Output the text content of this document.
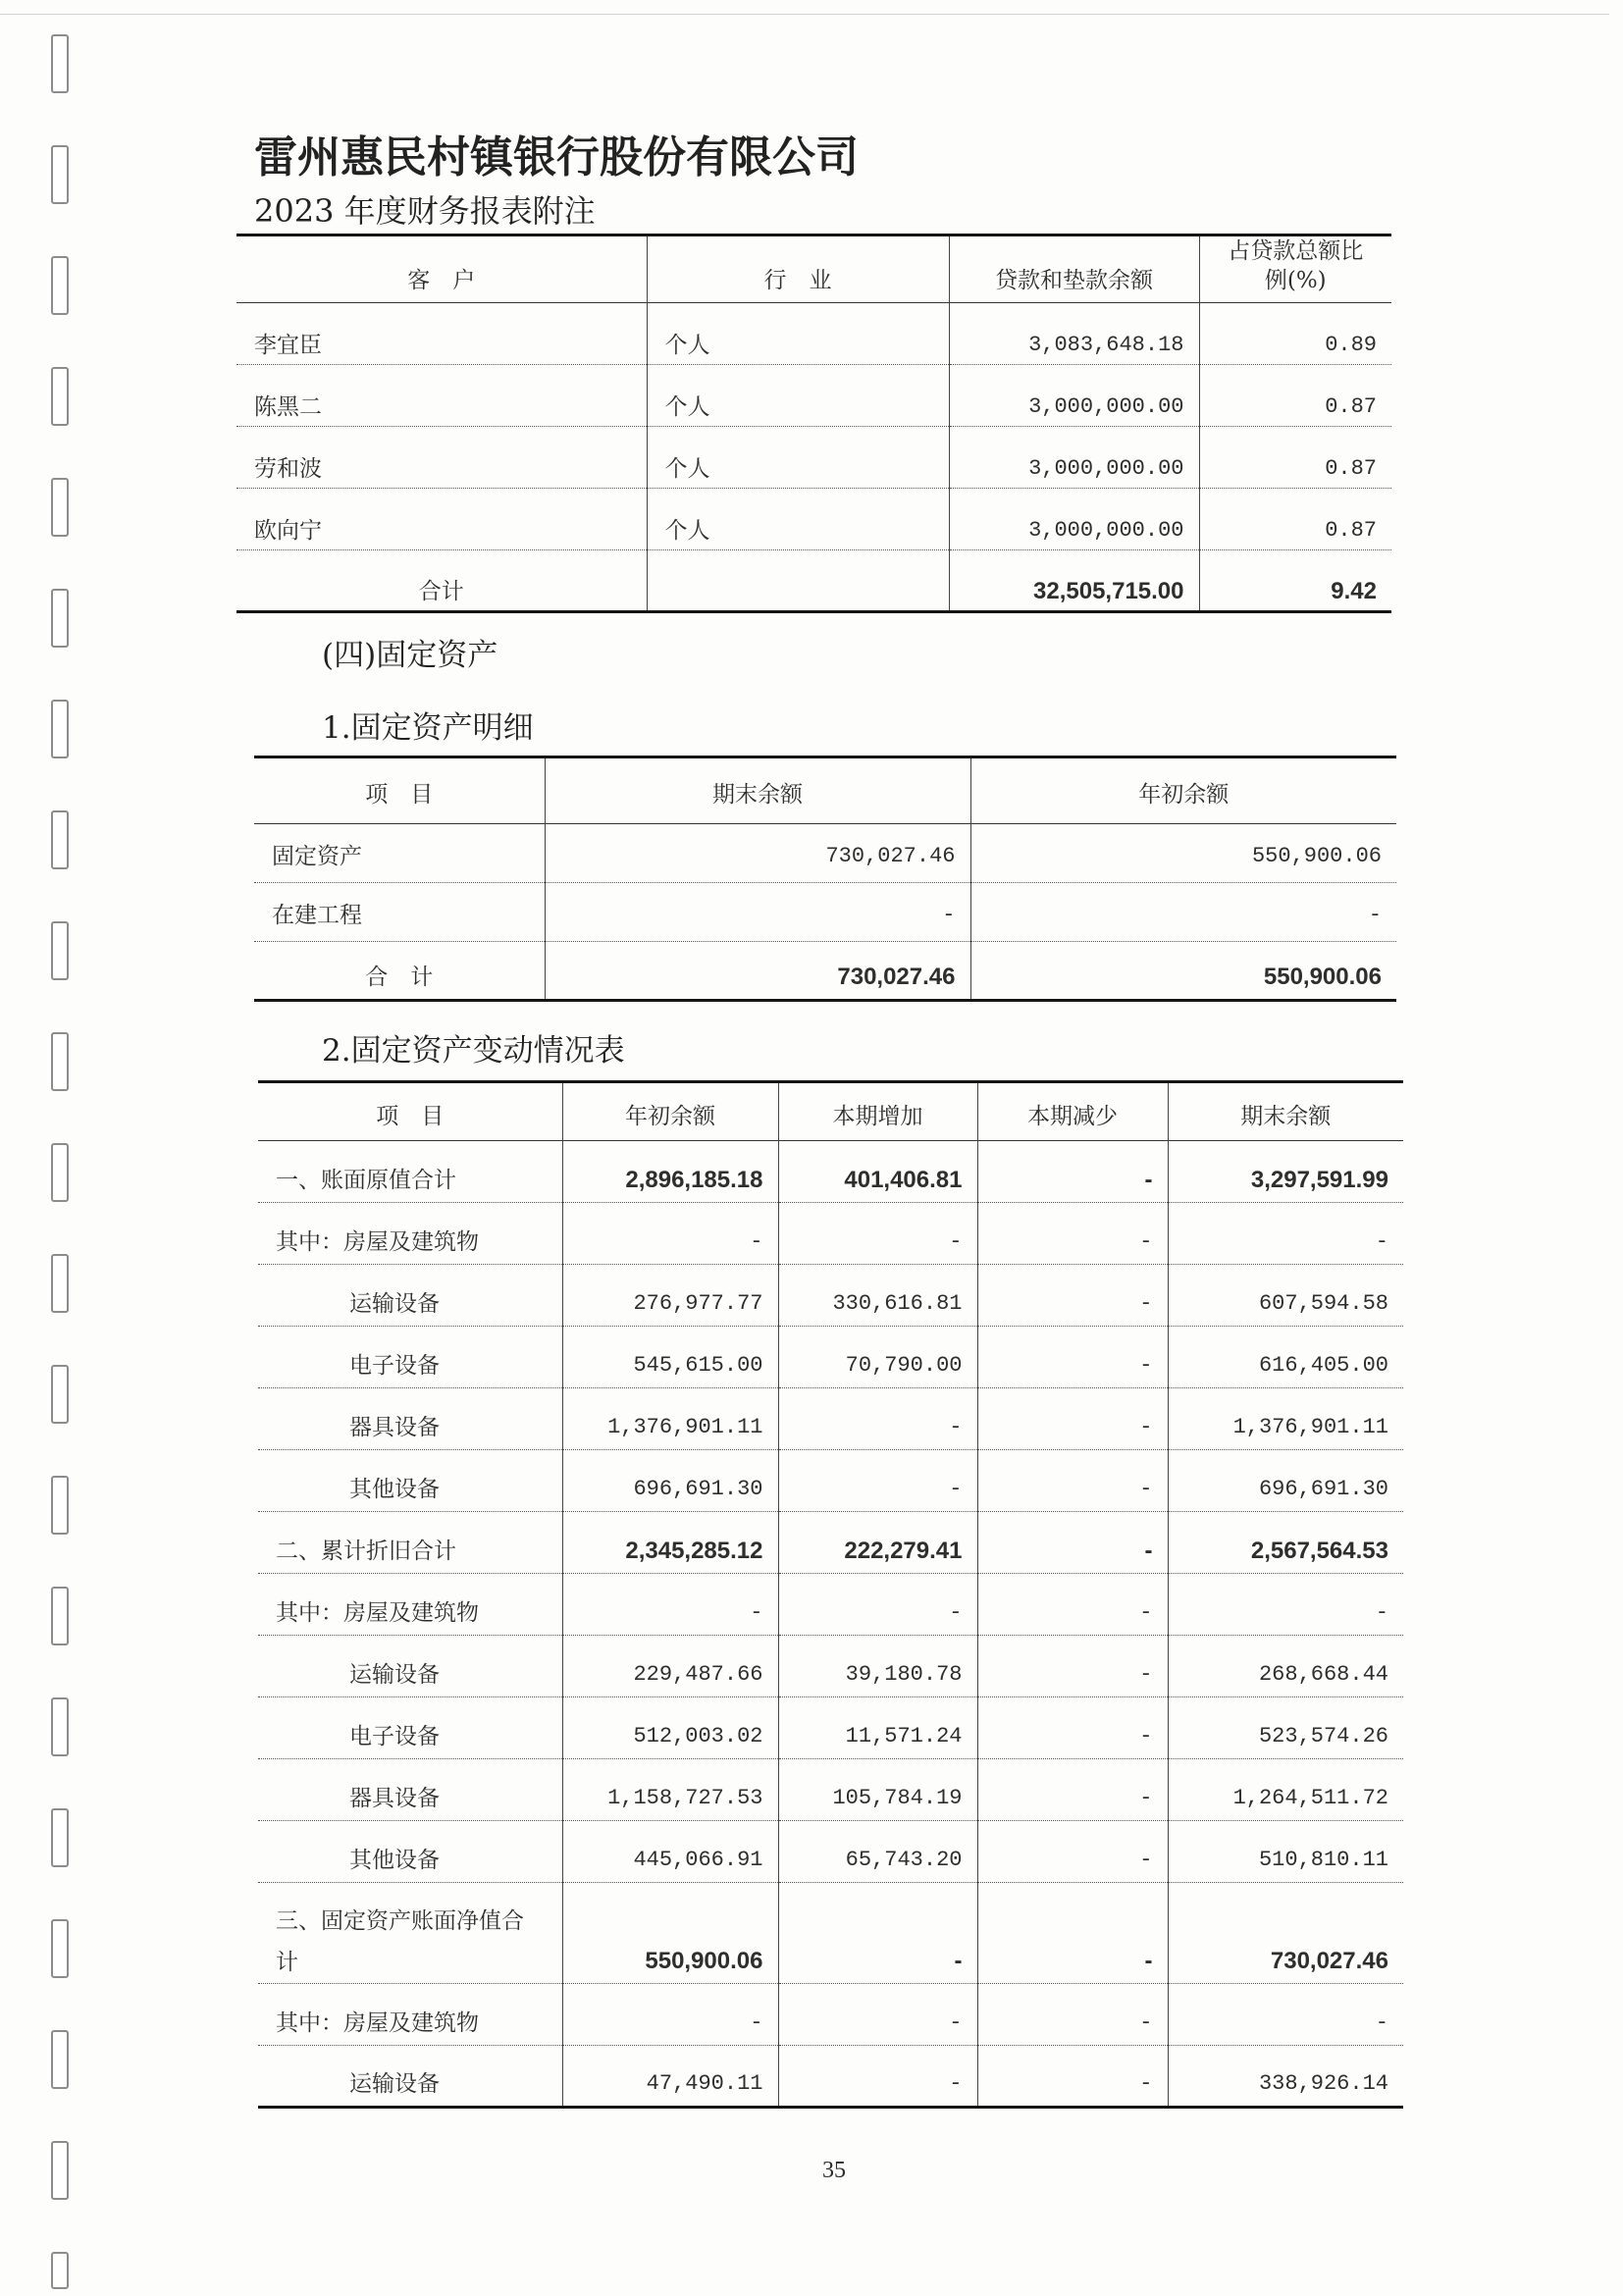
雷州惠民村镇银行股份有限公司
2023 年度财务报表附注
客　户	行　业	贷款和垫款余额	占贷款总额比
例(%)
李宜臣	个人	3,083,648.18	0.89
陈黑二	个人	3,000,000.00	0.87
劳和波	个人	3,000,000.00	0.87
欧向宁	个人	3,000,000.00	0.87
合计		32,505,715.00	9.42
(四)固定资产
1.固定资产明细
项　目	期末余额	年初余额
固定资产	730,027.46	550,900.06
在建工程	-	-
合　计	730,027.46	550,900.06
2.固定资产变动情况表
项　目	年初余额	本期增加	本期减少	期末余额
一、账面原值合计	2,896,185.18	401,406.81	-	3,297,591.99
其中：房屋及建筑物	-	-	-	-
运输设备	276,977.77	330,616.81	-	607,594.58
电子设备	545,615.00	70,790.00	-	616,405.00
器具设备	1,376,901.11	-	-	1,376,901.11
其他设备	696,691.30	-	-	696,691.30
二、累计折旧合计	2,345,285.12	222,279.41	-	2,567,564.53
其中：房屋及建筑物	-	-	-	-
运输设备	229,487.66	39,180.78	-	268,668.44
电子设备	512,003.02	11,571.24	-	523,574.26
器具设备	1,158,727.53	105,784.19	-	1,264,511.72
其他设备	445,066.91	65,743.20	-	510,810.11
三、固定资产账面净值合
计	550,900.06	-	-	730,027.46
其中：房屋及建筑物	-	-	-	-
运输设备	47,490.11	-	-	338,926.14
35
